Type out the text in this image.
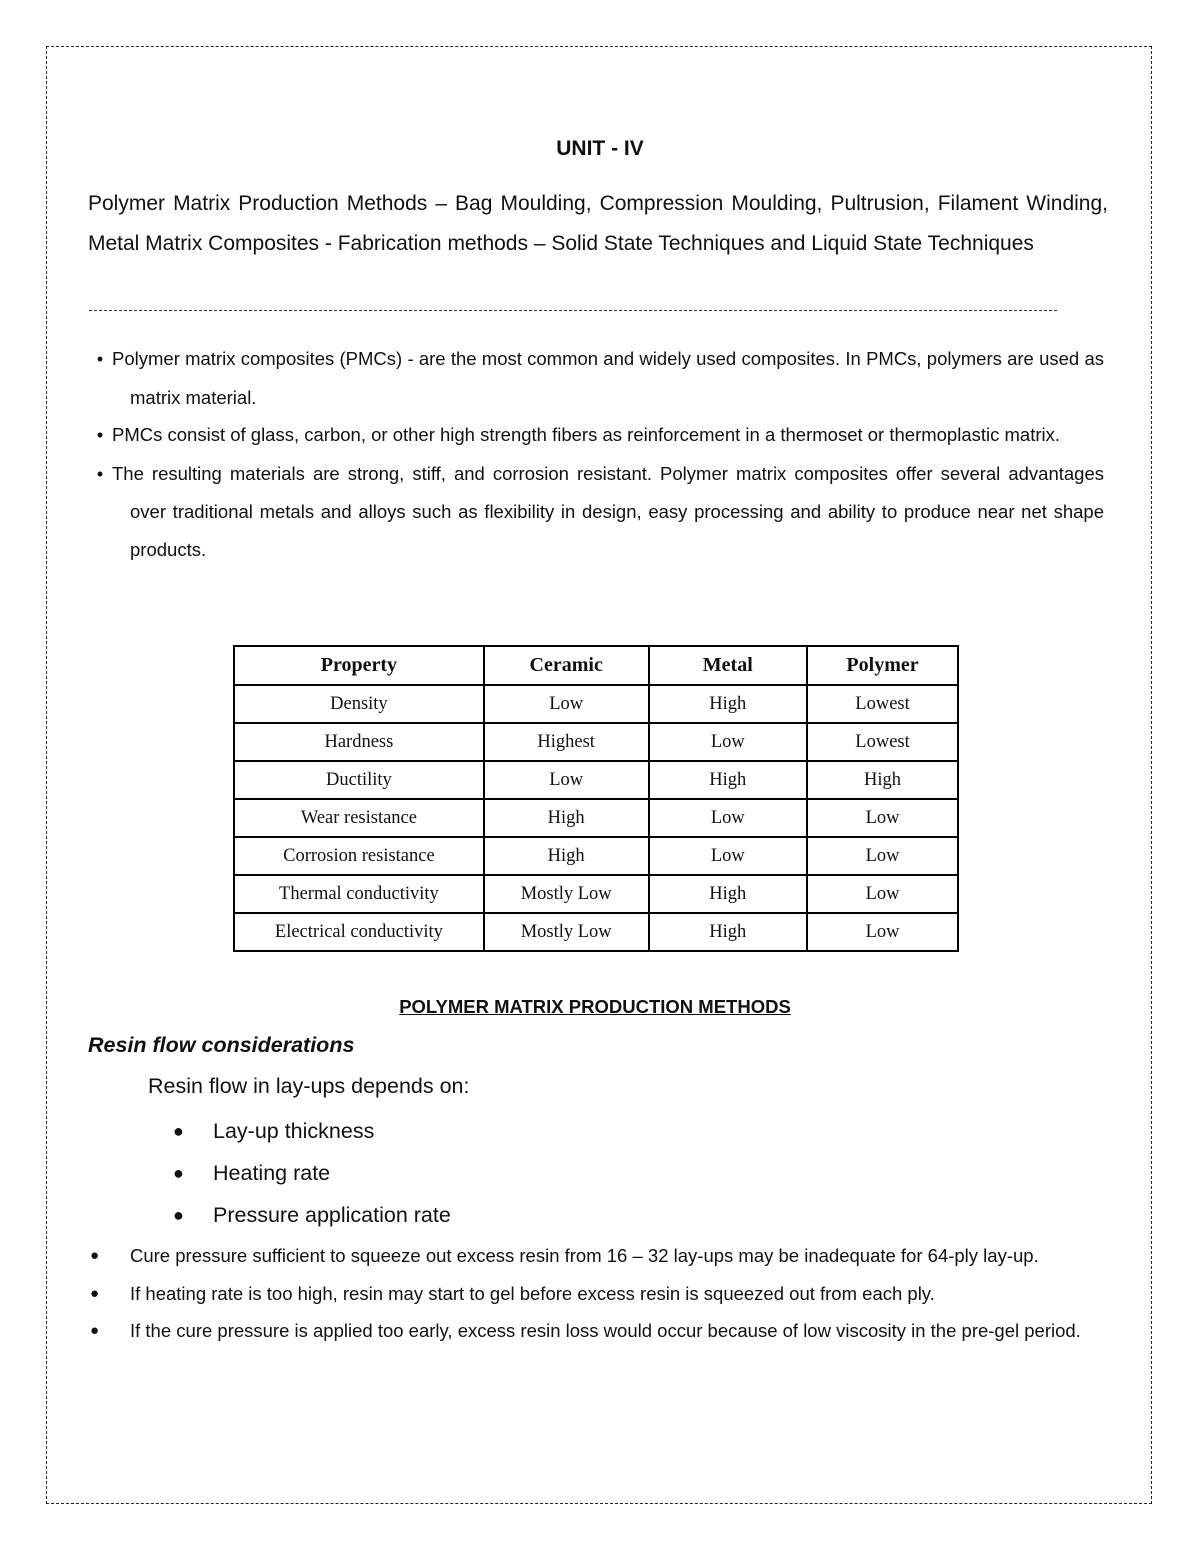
UNIT - IV
Polymer Matrix Production Methods – Bag Moulding, Compression Moulding, Pultrusion, Filament Winding, Metal Matrix Composites - Fabrication methods – Solid State Techniques and Liquid State Techniques
• Polymer matrix composites (PMCs) - are the most common and widely used composites. In PMCs, polymers are used as matrix material.
• PMCs consist of glass, carbon, or other high strength fibers as reinforcement in a thermoset or thermoplastic matrix.
• The resulting materials are strong, stiff, and corrosion resistant. Polymer matrix composites offer several advantages over traditional metals and alloys such as flexibility in design, easy processing and ability to produce near net shape products.
Property	Ceramic	Metal	Polymer
Density	Low	High	Lowest
Hardness	Highest	Low	Lowest
Ductility	Low	High	High
Wear resistance	High	Low	Low
Corrosion resistance	High	Low	Low
Thermal conductivity	Mostly Low	High	Low
Electrical conductivity	Mostly Low	High	Low
POLYMER MATRIX PRODUCTION METHODS
Resin flow considerations
Resin flow in lay-ups depends on:
● Lay-up thickness
● Heating rate
● Pressure application rate
● Cure pressure sufficient to squeeze out excess resin from 16 – 32 lay-ups may be inadequate for 64-ply lay-up.
● If heating rate is too high, resin may start to gel before excess resin is squeezed out from each ply.
● If the cure pressure is applied too early, excess resin loss would occur because of low viscosity in the pre-gel period.
